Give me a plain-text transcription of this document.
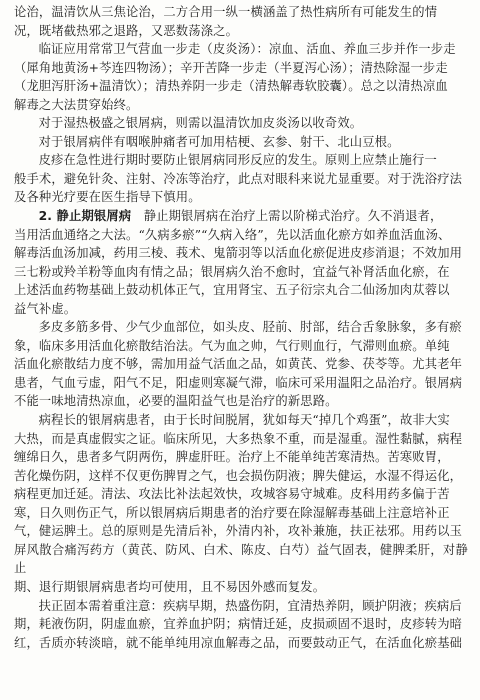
论治，温清饮从三焦论治，二方合用一纵一横涵盖了热性病所有可能发生的情
况，既堵截热邪之退路，又恶数荡涤之。
临证应用常常卫气营血一步走（皮炎汤）：凉血、活血、养血三步并作一步走
（犀角地黄汤+芩连四物汤）；辛开苦降一步走（半夏泻心汤）；清热除湿一步走
（龙胆泻肝汤+温清饮）；清热养阴一步走（清热解毒软胶囊）。总之以清热凉血
解毒之大法贯穿始终。
对于湿热极盛之银屑病，则需以温清饮加皮炎汤以收奇效。
对于银屑病伴有咽喉肿痛者可加用桔梗、玄参、射干、北山豆根。
皮疹在急性进行期时要防止银屑病同形反应的发生。原则上应禁止施行一
般手术，避免针灸、注射、冷冻等治疗，此点对眼科来说尤显重要。对于洗浴疗法
及各种光疗要在医生指导下慎用。
2. 静止期银屑病　 静止期银屑病在治疗上需以阶梯式治疗。久不消退者，
当用活血通络之大法。“久病多瘀”“久病入络”，先以活血化瘀方如养血活血汤、
解毒活血汤加减，药用三棱、莪术、鬼箭羽等以活血化瘀促进皮疹消退；不效加用
三七粉或羚羊粉等血肉有情之品；银屑病久治不愈时，宜益气补肾活血化瘀，在
上述活血药物基础上鼓动机体正气，宜用肾宝、五子衍宗丸合二仙汤加肉苁蓉以
益气补虚。
多皮多筋多骨、少气少血部位，如头皮、胫前、肘部，结合舌象脉象，多有瘀
象，临床多用活血化瘀散结治法。气为血之帅，气行则血行，气滞则血瘀。单纯
活血化瘀散结力度不够，需加用益气活血之品，如黄芪、党参、茯苓等。尤其老年
患者，气血亏虚，阳气不足，阳虚则寒凝气滞，临床可采用温阳之品治疗。银屑病
不能一味地清热凉血，必要的温阳益气也是治疗的新思路。
病程长的银屑病患者，由于长时间脱屑，犹如每天“掉几个鸡蛋”，故非大实
大热，而是真虚假实之证。临床所见，大多热象不重，而是湿重。湿性黏腻，病程
缠绵日久，患者多气阴两伤，脾虚肝旺。治疗上不能单纯苦寒清热。苦寒败胃，
苦化燥伤阴，这样不仅更伤脾胃之气，也会损伤阴液；脾失健运，水湿不得运化，
病程更加迁延。清法、攻法比补法起效快，攻城容易守城难。皮科用药多偏于苦
寒，日久则伤正气，所以银屑病后期患者的治疗要在除湿解毒基础上注意培补正
气，健运脾土。总的原则是先清后补，外清内补，攻补兼施，扶正祛邪。用药以玉
屏风散合痛泻药方（黄芪、防风、白术、陈皮、白芍）益气固表，健脾柔肝，对静止
期、退行期银屑病患者均可使用，且不易因外感而复发。
扶正固本需着重注意：疾病早期，热盛伤阴，宜清热养阴，顾护阴液；疾病后
期，耗液伤阴，阴虚血瘀，宜养血护阴；病情迁延，皮损顽固不退时，皮疹转为暗
红，舌质亦转淡暗，就不能单纯用凉血解毒之品，而要鼓动正气，在活血化瘀基础
